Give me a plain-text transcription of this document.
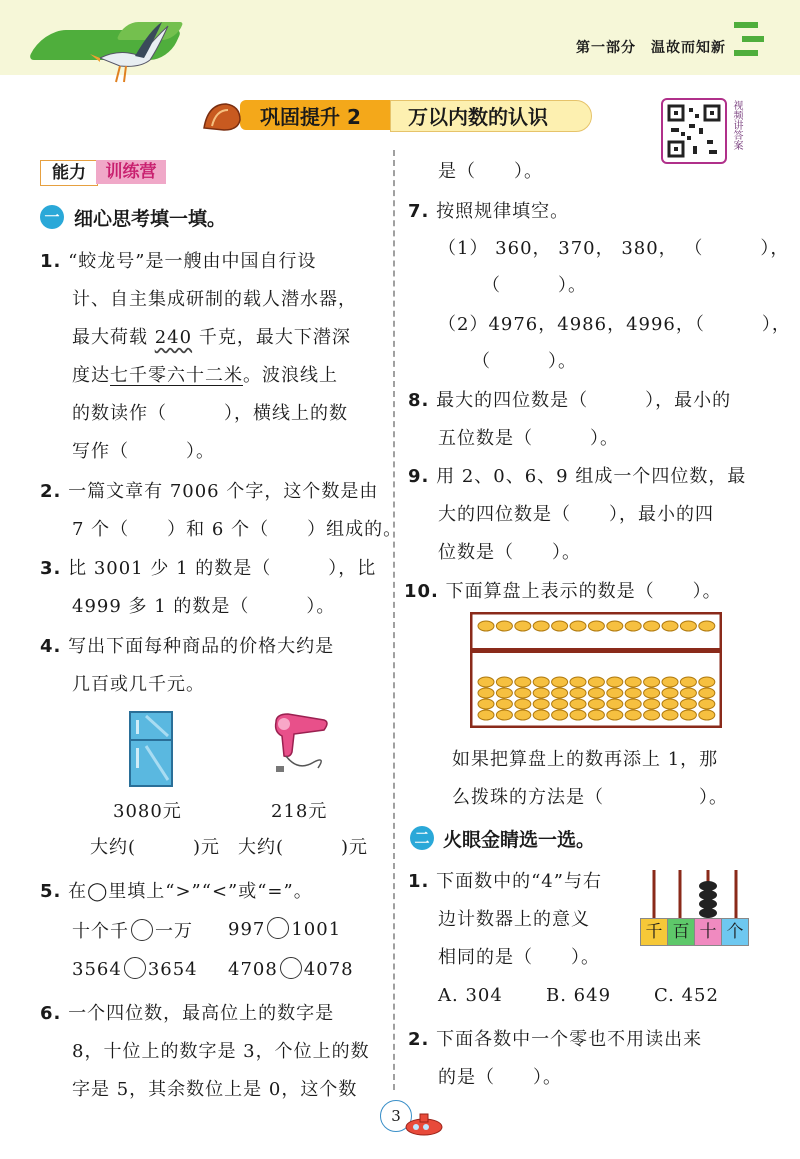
第一部分　温故而知新
巩固提升 2 万以内数的认识	视频讲答案
能力	训练营
一 细心思考填一填。
1. “蛟龙号”是一艘由中国自行设
计、自主集成研制的载人潜水器，
最大荷载 240 千克，最大下潜深
度达七千零六十二米。波浪线上
的数读作（　　　），横线上的数
写作（　　　）。
2. 一篇文章有 7006 个字，这个数是由
7 个（　　）和 6 个（　　）组成的。
3. 比 3001 少 1 的数是（　　　），比
4999 多 1 的数是（　　　）。
4. 写出下面每种商品的价格大约是
几百或几千元。
3080元	218元
大约(　　　)元 大约(　　　)元
5. 在◯里填上“>”“<”或“=”。
十个千 一万 997 1001
3564 3654 4708 4078
6. 一个四位数，最高位上的数字是
8，十位上的数字是 3，个位上的数
字是 5，其余数位上是 0，这个数
是（　　）。
7. 按照规律填空。
（1） 360， 370， 380， （　　　），
（　　　）。
（2）4976，4986，4996，（　　　），
（　　　）。
8. 最大的四位数是（　　　），最小的
五位数是（　　　）。
9. 用 2、0、6、9 组成一个四位数，最
大的四位数是（　　），最小的四
位数是（　　）。
10. 下面算盘上表示的数是（　　）。
如果把算盘上的数再添上 1，那
么拨珠的方法是（　　　　　）。
二 火眼金睛选一选。
1. 下面数中的“4”与右
边计数器上的意义
相同的是（　　）。
千 百 十 个
A. 304 B. 649 C. 452
2. 下面各数中一个零也不用读出来
的是（　　）。
3
